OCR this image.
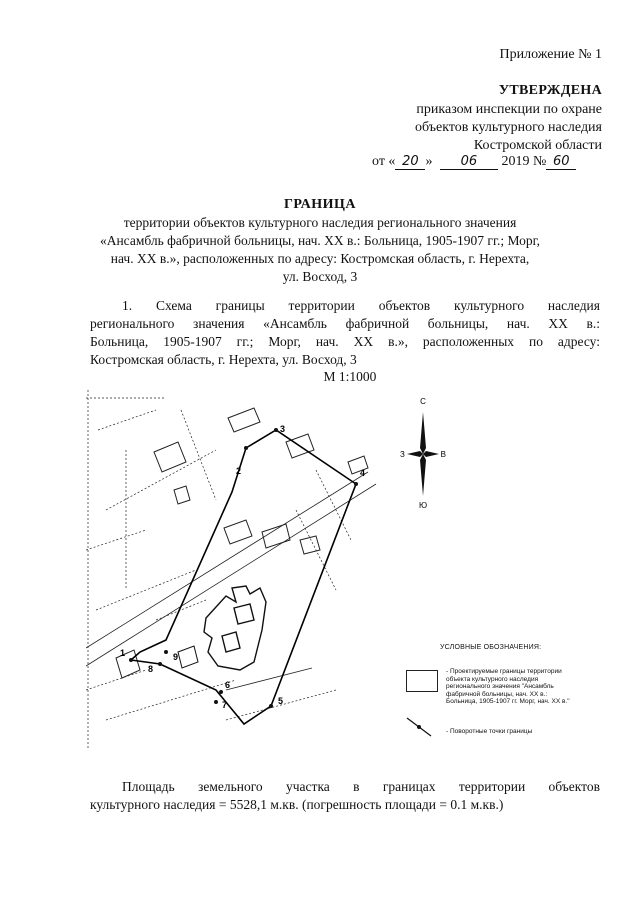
Приложение № 1
УТВЕРЖДЕНА
приказом инспекции по охране
объектов культурного наследия
Костромской области
от « 20 » 06 2019 № 60
ГРАНИЦА
территории объектов культурного наследия регионального значения
«Ансамбль фабричной больницы, нач. XX в.: Больница, 1905-1907 гг.; Морг,
нач. XX в.», расположенных по адресу: Костромская область, г. Нерехта,
ул. Восход, 3
1. Схема границы территории объектов культурного наследия
регионального значения «Ансамбль фабричной больницы, нач. XX в.:
Больница, 1905-1907 гг.; Морг, нач. XX в.», расположенных по адресу:
Костромская область, г. Нерехта, ул. Восход, 3
М 1:1000
1
2
3
4
5
6
7
8
9
С
Ю
З	В
УСЛОВНЫЕ ОБОЗНАЧЕНИЯ:
- Проектируемые границы территории
объекта культурного наследия
регионального значения "Ансамбль
фабричной больницы, нач. XX в.:
Больница, 1905-1907 гг. Морг, нач. XX в."
- Поворотные точки границы
Площадь земельного участка в границах территории объектов
культурного наследия = 5528,1 м.кв. (погрешность площади = 0.1 м.кв.)
